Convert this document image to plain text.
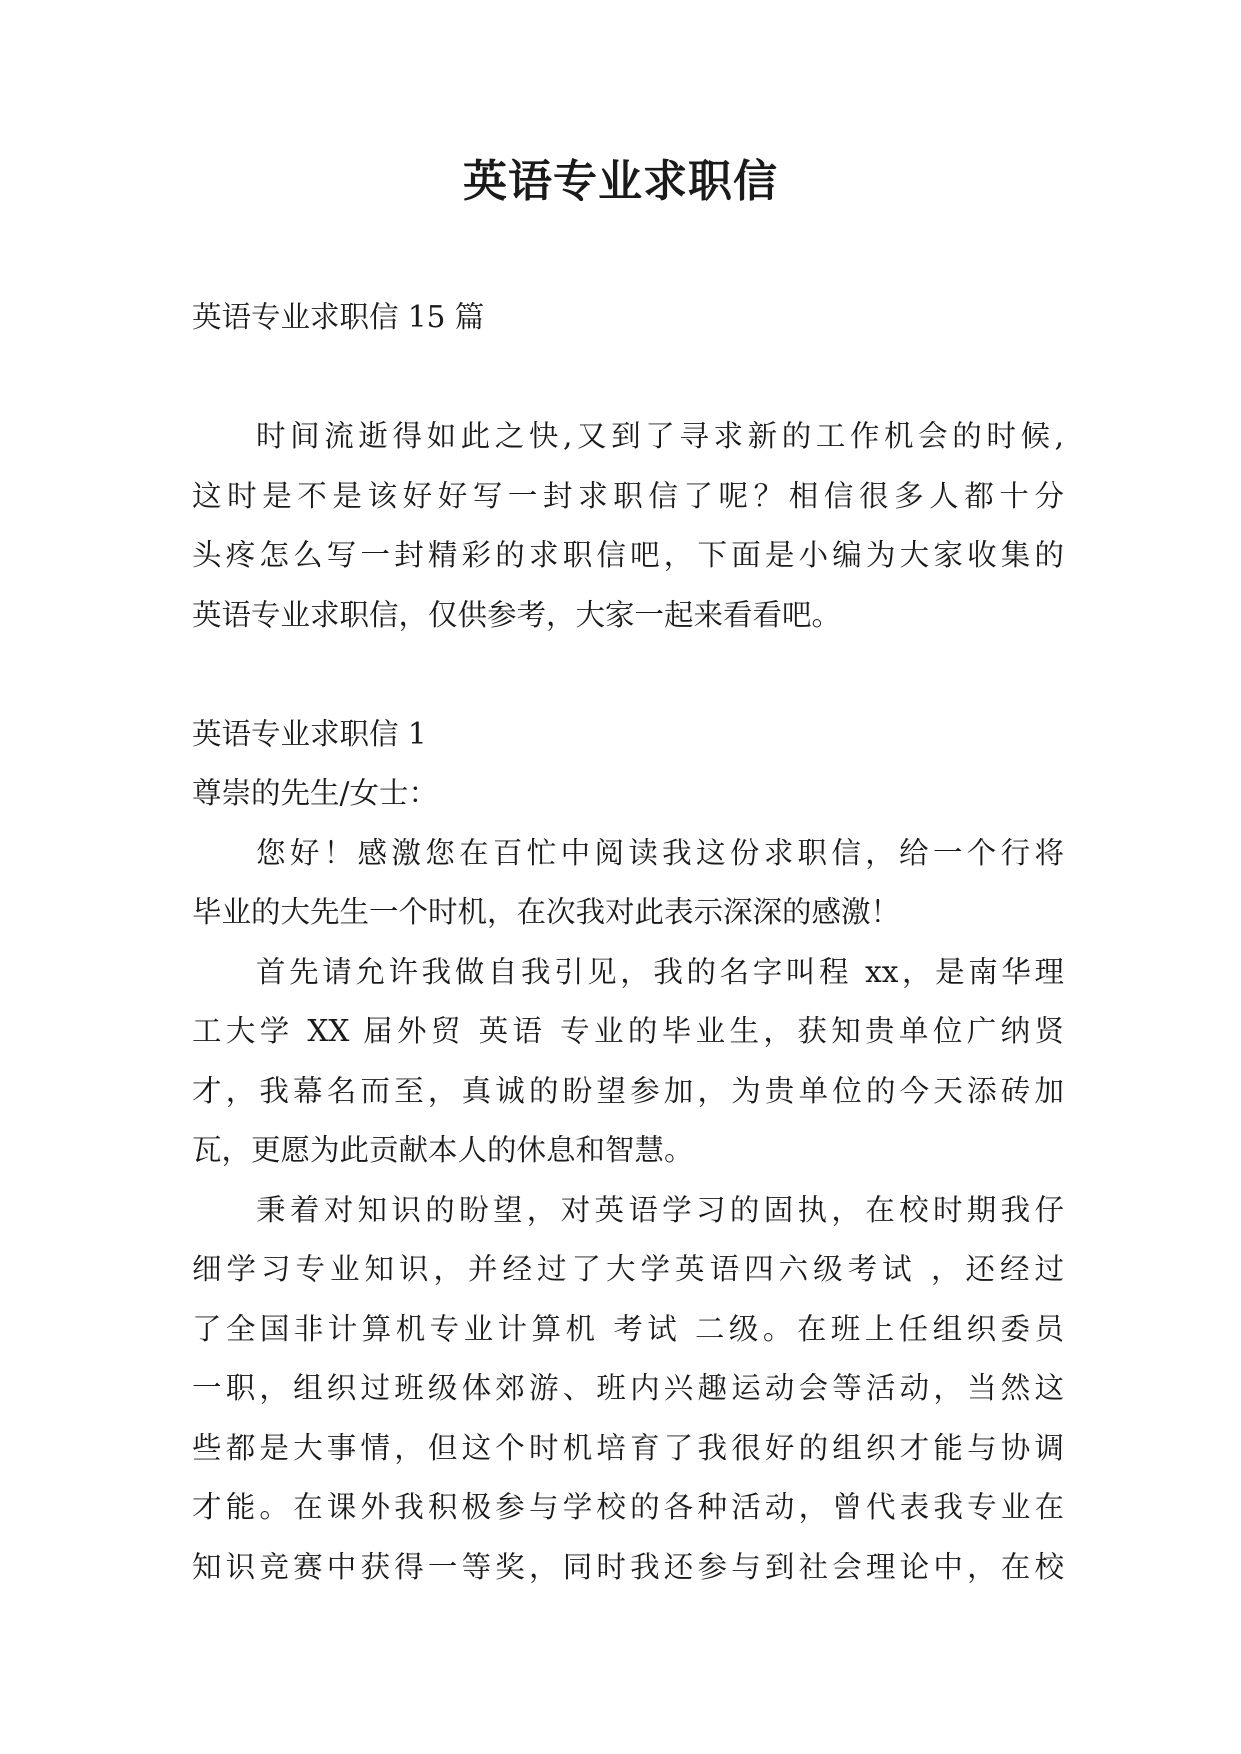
英语专业求职信
英语专业求职信 15 篇
时间流逝得如此之快,又到了寻求新的工作机会的时候,
这时是不是该好好写一封求职信了呢？相信很多人都十分
头疼怎么写一封精彩的求职信吧，下面是小编为大家收集的
英语专业求职信，仅供参考，大家一起来看看吧。
英语专业求职信 1
尊崇的先生/女士：
您好！感激您在百忙中阅读我这份求职信，给一个行将
毕业的大先生一个时机，在次我对此表示深深的感激！
首先请允许我做自我引见，我的名字叫程 xx，是南华理
工大学 XX 届外贸 英语 专业的毕业生，获知贵单位广纳贤
才，我幕名而至，真诚的盼望参加，为贵单位的今天添砖加
瓦，更愿为此贡献本人的休息和智慧。
秉着对知识的盼望，对英语学习的固执，在校时期我仔
细学习专业知识，并经过了大学英语四六级考试 ，还经过
了全国非计算机专业计算机 考试 二级。在班上任组织委员
一职，组织过班级体郊游、班内兴趣运动会等活动，当然这
些都是大事情，但这个时机培育了我很好的组织才能与协调
才能。在课外我积极参与学校的各种活动，曾代表我专业在
知识竞赛中获得一等奖，同时我还参与到社会理论中，在校
